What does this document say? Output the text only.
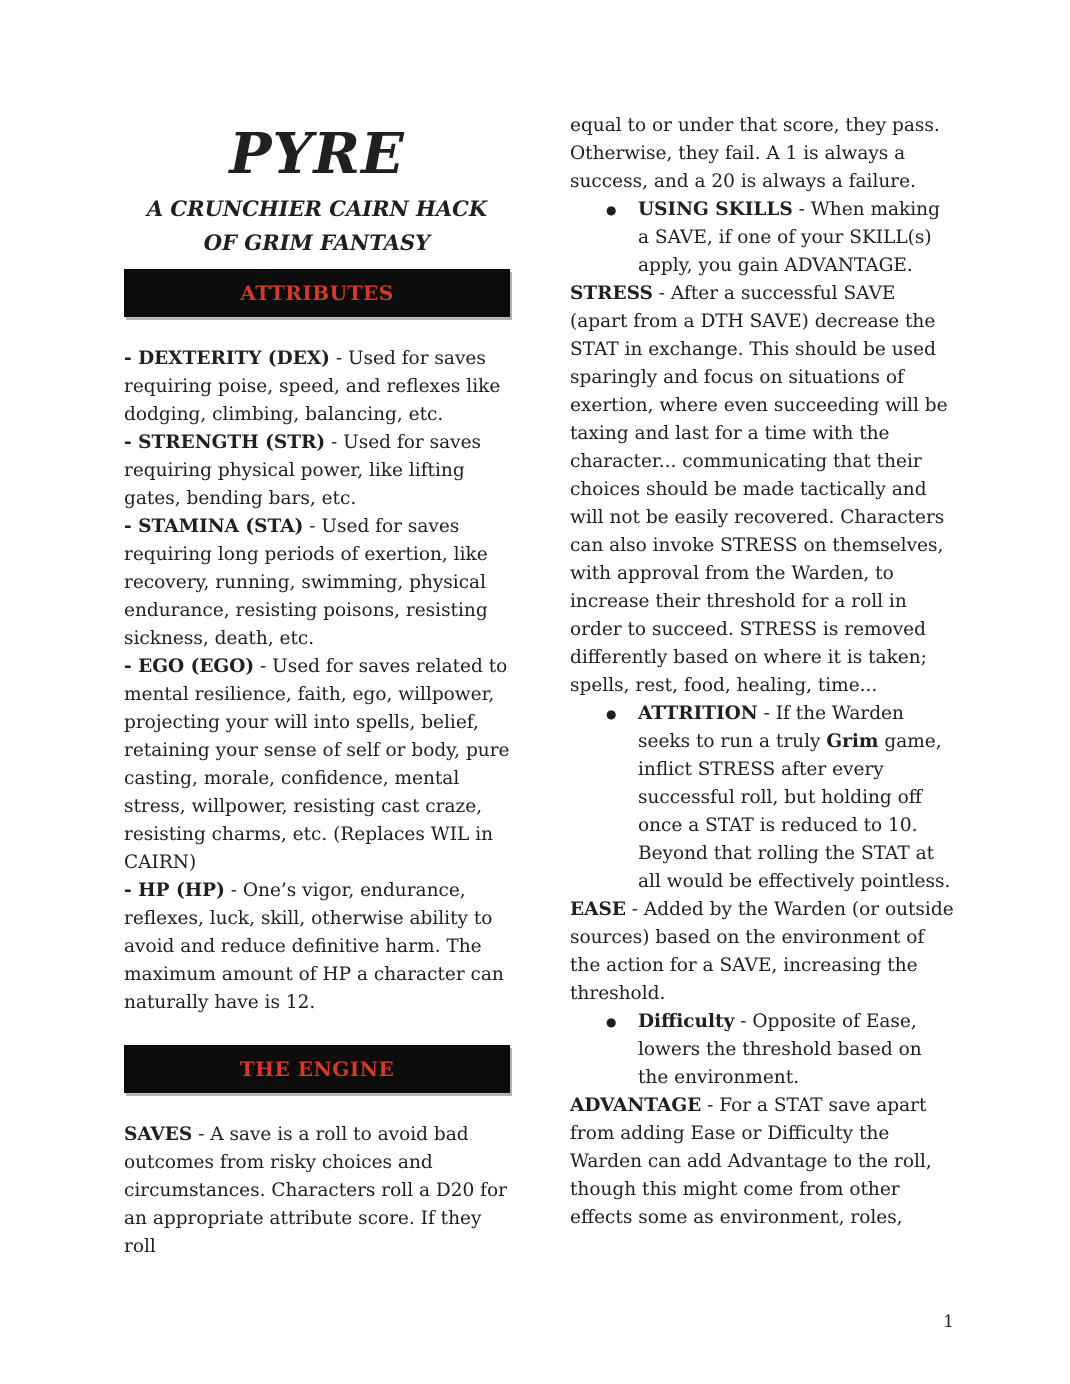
PYRE
A CRUNCHIER CAIRN HACK OF GRIM FANTASY
ATTRIBUTES

- DEXTERITY (DEX) - Used for saves requiring poise, speed, and reflexes like dodging, climbing, balancing, etc.

- STRENGTH (STR) - Used for saves requiring physical power, like lifting gates, bending bars, etc.

- STAMINA (STA) - Used for saves requiring long periods of exertion, like recovery, running, swimming, physical endurance, resisting poisons, resisting sickness, death, etc.

- EGO (EGO) - Used for saves related to mental resilience, faith, ego, willpower, projecting your will into spells, belief, retaining your sense of self or body, pure casting, morale, confidence, mental stress, willpower, resisting cast craze, resisting charms, etc. (Replaces WIL in CAIRN)

- HP (HP) - One’s vigor, endurance, reflexes, luck, skill, otherwise ability to avoid and reduce definitive harm. The maximum amount of HP a character can naturally have is 12.

THE ENGINE

SAVES - A save is a roll to avoid bad outcomes from risky choices and circumstances. Characters roll a D20 for an appropriate attribute score. If they roll

equal to or under that score, they pass. Otherwise, they fail. A 1 is always a success, and a 20 is always a failure.

●	USING SKILLS - When making a SAVE, if one of your SKILL(s) apply, you gain ADVANTAGE.

STRESS - After a successful SAVE (apart from a DTH SAVE) decrease the STAT in exchange. This should be used sparingly and focus on situations of exertion, where even succeeding will be taxing and last for a time with the character... communicating that their choices should be made tactically and will not be easily recovered. Characters can also invoke STRESS on themselves, with approval from the Warden, to increase their threshold for a roll in order to succeed. STRESS is removed differently based on where it is taken; spells, rest, food, healing, time...

●	ATTRITION - If the Warden seeks to run a truly Grim game, inflict STRESS after every successful roll, but holding off once a STAT is reduced to 10. Beyond that rolling the STAT at all would be effectively pointless.

EASE - Added by the Warden (or outside sources) based on the environment of the action for a SAVE, increasing the threshold.

●	Difficulty - Opposite of Ease, lowers the threshold based on the environment.

ADVANTAGE - For a STAT save apart from adding Ease or Difficulty the Warden can add Advantage to the roll, though this might come from other effects some as environment, roles,

1
